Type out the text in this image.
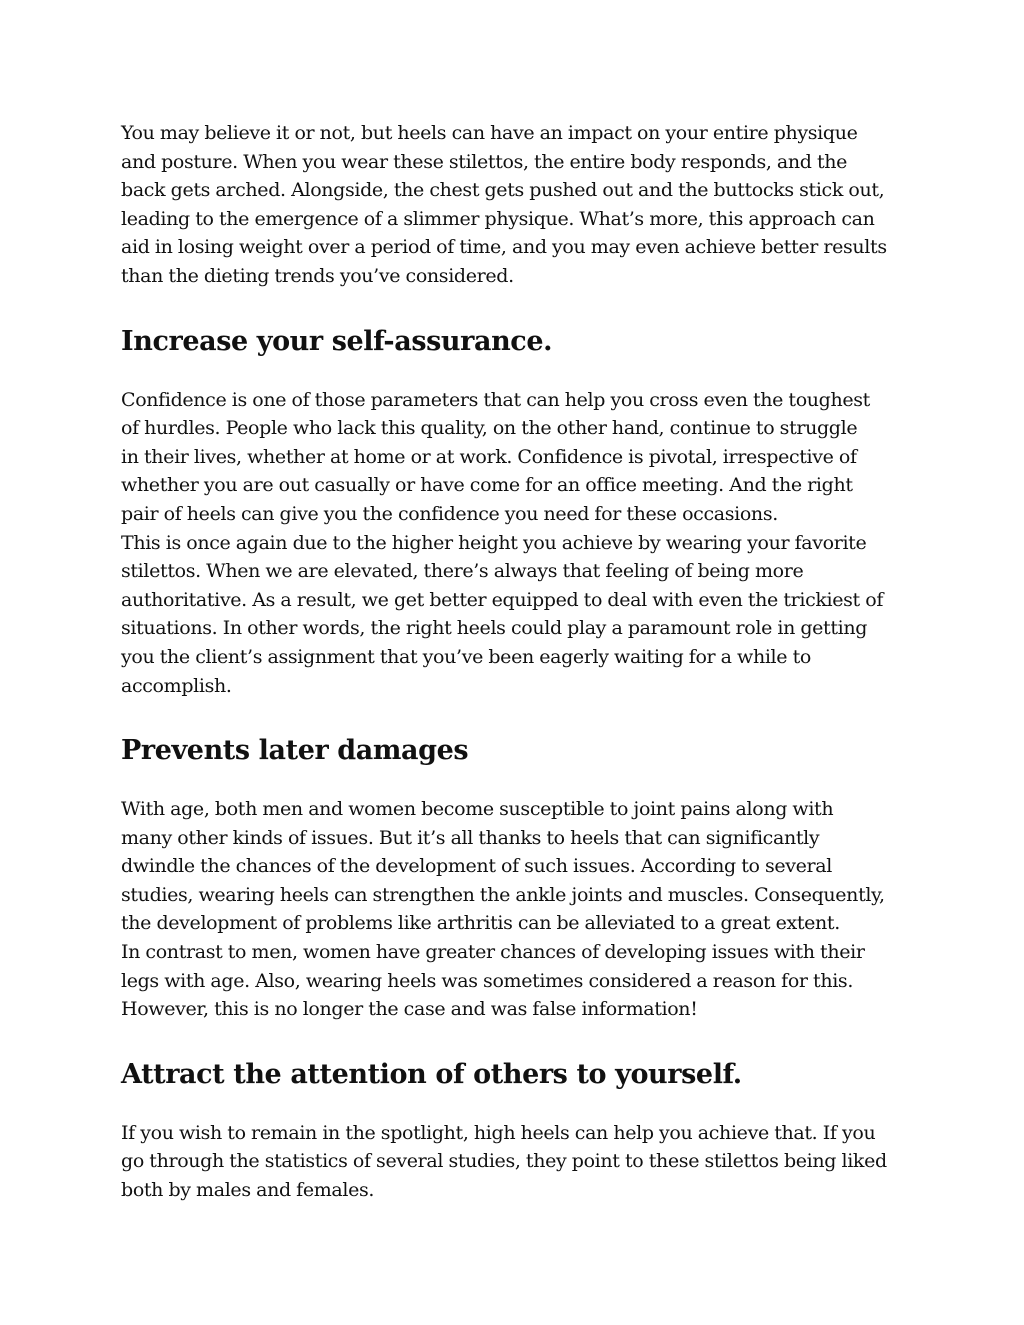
You may believe it or not, but heels can have an impact on your entire physique
and posture. When you wear these stilettos, the entire body responds, and the
back gets arched. Alongside, the chest gets pushed out and the buttocks stick out,
leading to the emergence of a slimmer physique. What’s more, this approach can
aid in losing weight over a period of time, and you may even achieve better results
than the dieting trends you’ve considered.

Increase your self-assurance.

Confidence is one of those parameters that can help you cross even the toughest
of hurdles. People who lack this quality, on the other hand, continue to struggle
in their lives, whether at home or at work. Confidence is pivotal, irrespective of
whether you are out casually or have come for an office meeting. And the right
pair of heels can give you the confidence you need for these occasions.
This is once again due to the higher height you achieve by wearing your favorite
stilettos. When we are elevated, there’s always that feeling of being more
authoritative. As a result, we get better equipped to deal with even the trickiest of
situations. In other words, the right heels could play a paramount role in getting
you the client’s assignment that you’ve been eagerly waiting for a while to
accomplish.

Prevents later damages

With age, both men and women become susceptible to joint pains along with
many other kinds of issues. But it’s all thanks to heels that can significantly
dwindle the chances of the development of such issues. According to several
studies, wearing heels can strengthen the ankle joints and muscles. Consequently,
the development of problems like arthritis can be alleviated to a great extent.
In contrast to men, women have greater chances of developing issues with their
legs with age. Also, wearing heels was sometimes considered a reason for this.
However, this is no longer the case and was false information!

Attract the attention of others to yourself.

If you wish to remain in the spotlight, high heels can help you achieve that. If you
go through the statistics of several studies, they point to these stilettos being liked
both by males and females.
